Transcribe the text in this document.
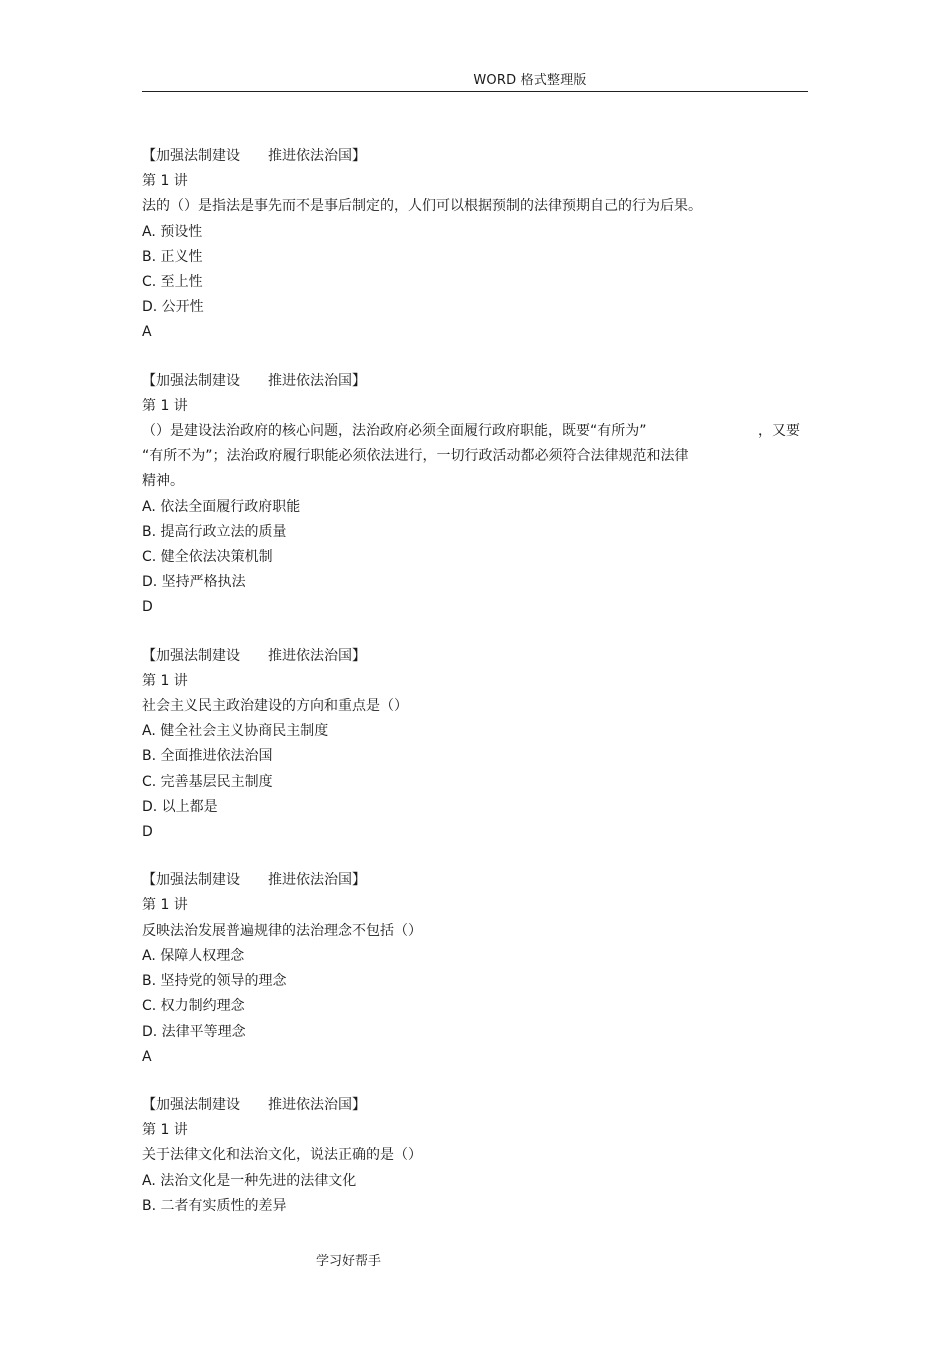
WORD 格式整理版
【加强法制建设 推进依法治国】
第 1 讲
法的（）是指法是事先而不是事后制定的，人们可以根据预制的法律预期自己的行为后果。
A. 预设性
B. 正义性
C. 至上性
D. 公开性
A
【加强法制建设 推进依法治国】
第 1 讲
（）是建设法治政府的核心问题，法治政府必须全面履行政府职能，既要“有所为”	，又要
“有所不为”；法治政府履行职能必须依法进行，一切行政活动都必须符合法律规范和法律
精神。
A. 依法全面履行政府职能
B. 提高行政立法的质量
C. 健全依法决策机制
D. 坚持严格执法
D
【加强法制建设 推进依法治国】
第 1 讲
社会主义民主政治建设的方向和重点是（）
A. 健全社会主义协商民主制度
B. 全面推进依法治国
C. 完善基层民主制度
D. 以上都是
D
【加强法制建设 推进依法治国】
第 1 讲
反映法治发展普遍规律的法治理念不包括（）
A. 保障人权理念
B. 坚持党的领导的理念
C. 权力制约理念
D. 法律平等理念
A
【加强法制建设 推进依法治国】
第 1 讲
关于法律文化和法治文化，说法正确的是（）
A. 法治文化是一种先进的法律文化
B. 二者有实质性的差异
学习好帮手
